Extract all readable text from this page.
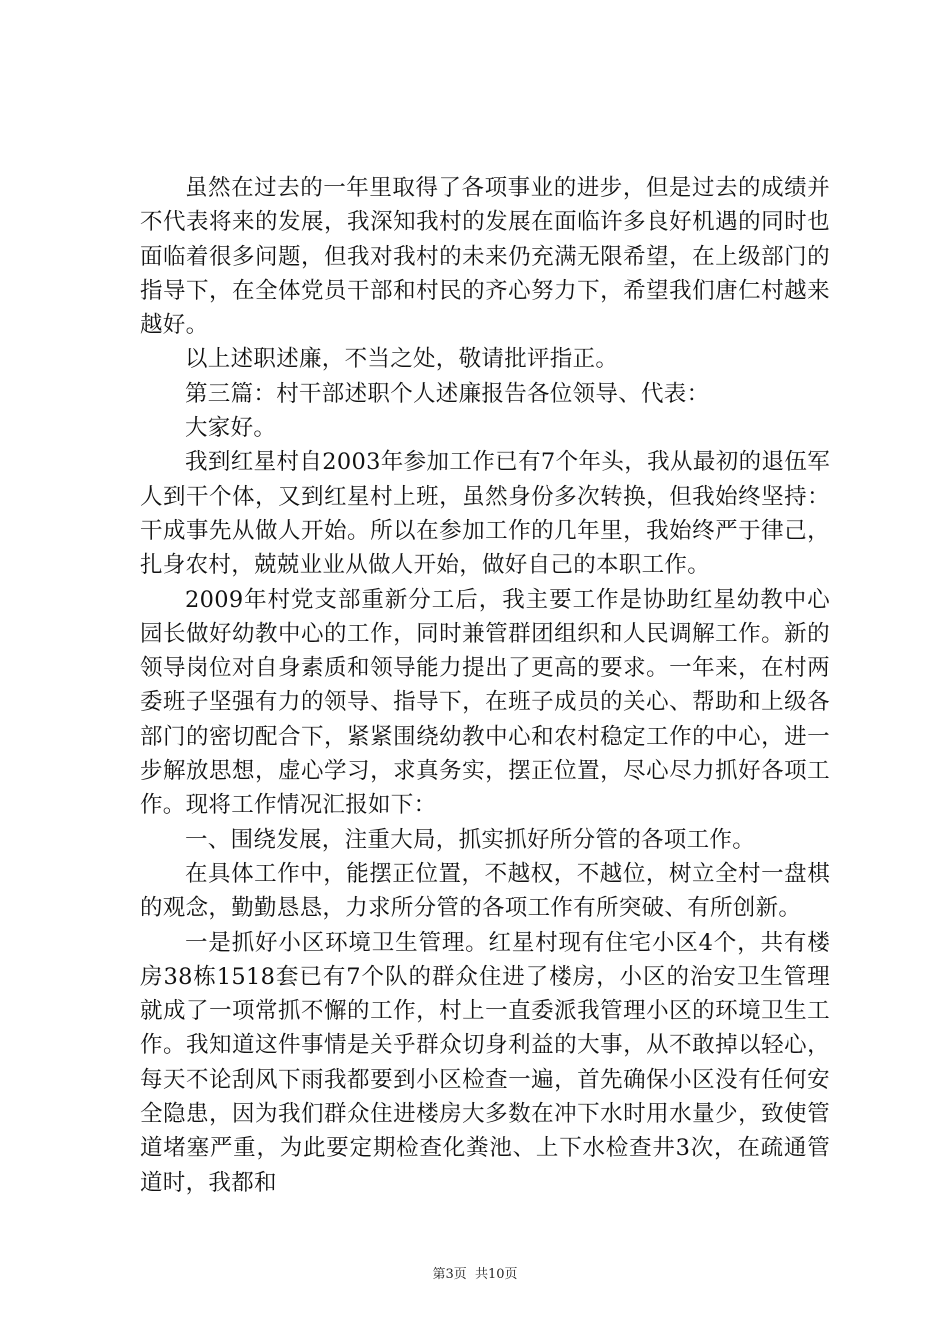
虽然在过去的一年里取得了各项事业的进步，但是过去的成绩并不代表将来的发展，我深知我村的发展在面临许多良好机遇的同时也面临着很多问题，但我对我村的未来仍充满无限希望，在上级部门的指导下，在全体党员干部和村民的齐心努力下，希望我们唐仁村越来越好。

以上述职述廉，不当之处，敬请批评指正。

第三篇：村干部述职个人述廉报告各位领导、代表：

大家好。

我到红星村自2003年参加工作已有7个年头，我从最初的退伍军人到干个体，又到红星村上班，虽然身份多次转换，但我始终坚持：干成事先从做人开始。所以在参加工作的几年里，我始终严于律己，扎身农村，兢兢业业从做人开始，做好自己的本职工作。

2009年村党支部重新分工后，我主要工作是协助红星幼教中心园长做好幼教中心的工作，同时兼管群团组织和人民调解工作。新的领导岗位对自身素质和领导能力提出了更高的要求。一年来，在村两委班子坚强有力的领导、指导下，在班子成员的关心、帮助和上级各部门的密切配合下，紧紧围绕幼教中心和农村稳定工作的中心，进一步解放思想，虚心学习，求真务实，摆正位置，尽心尽力抓好各项工作。现将工作情况汇报如下：

一、围绕发展，注重大局，抓实抓好所分管的各项工作。

在具体工作中，能摆正位置，不越权，不越位，树立全村一盘棋的观念，勤勤恳恳，力求所分管的各项工作有所突破、有所创新。

一是抓好小区环境卫生管理。红星村现有住宅小区4个，共有楼房38栋1518套已有7个队的群众住进了楼房，小区的治安卫生管理就成了一项常抓不懈的工作，村上一直委派我管理小区的环境卫生工作。我知道这件事情是关乎群众切身利益的大事，从不敢掉以轻心，每天不论刮风下雨我都要到小区检查一遍，首先确保小区没有任何安全隐患，因为我们群众住进楼房大多数在冲下水时用水量少，致使管道堵塞严重，为此要定期检查化粪池、上下水检查井3次，在疏通管道时，我都和

第3页 共10页
